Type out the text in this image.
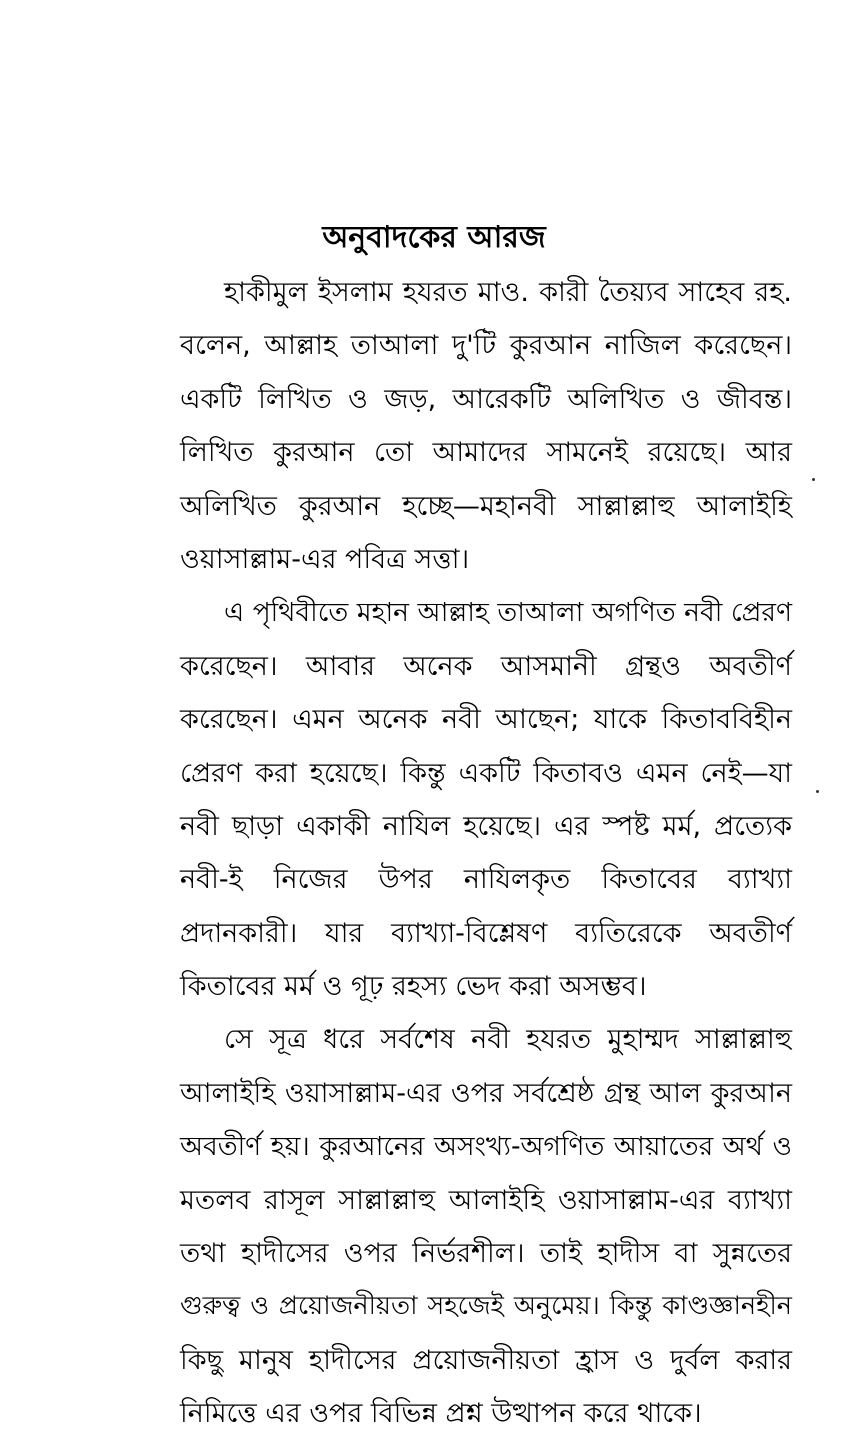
অনুবাদকের আরজ
হাকীমুল ইসলাম হযরত মাও. কারী তৈয়্যব সাহেব রহ.
বলেন, আল্লাহ তাআলা দু'টি কুরআন নাজিল করেছেন।
একটি লিখিত ও জড়, আরেকটি অলিখিত ও জীবন্ত।
লিখিত কুরআন তো আমাদের সামনেই রয়েছে। আর
অলিখিত কুরআন হচ্ছে—মহানবী সাল্লাল্লাহু আলাইহি
ওয়াসাল্লাম-এর পবিত্র সত্তা।
এ পৃথিবীতে মহান আল্লাহ তাআলা অগণিত নবী প্রেরণ
করেছেন। আবার অনেক আসমানী গ্রন্থও অবতীর্ণ
করেছেন। এমন অনেক নবী আছেন; যাকে কিতাববিহীন
প্রেরণ করা হয়েছে। কিন্তু একটি কিতাবও এমন নেই—যা
নবী ছাড়া একাকী নাযিল হয়েছে। এর স্পষ্ট মর্ম, প্রত্যেক
নবী-ই নিজের উপর নাযিলকৃত কিতাবের ব্যাখ্যা
প্রদানকারী। যার ব্যাখ্যা-বিশ্লেষণ ব্যতিরেকে অবতীর্ণ
কিতাবের মর্ম ও গূঢ় রহস্য ভেদ করা অসম্ভব।
সে সূত্র ধরে সর্বশেষ নবী হযরত মুহাম্মদ সাল্লাল্লাহু
আলাইহি ওয়াসাল্লাম-এর ওপর সর্বশ্রেষ্ঠ গ্রন্থ আল কুরআন
অবতীর্ণ হয়। কুরআনের অসংখ্য-অগণিত আয়াতের অর্থ ও
মতলব রাসূল সাল্লাল্লাহু আলাইহি ওয়াসাল্লাম-এর ব্যাখ্যা
তথা হাদীসের ওপর নির্ভরশীল। তাই হাদীস বা সুন্নতের
গুরুত্ব ও প্রয়োজনীয়তা সহজেই অনুমেয়। কিন্তু কাণ্ডজ্ঞানহীন
কিছু মানুষ হাদীসের প্রয়োজনীয়তা হ্রাস ও দুর্বল করার
নিমিত্তে এর ওপর বিভিন্ন প্রশ্ন উত্থাপন করে থাকে।
